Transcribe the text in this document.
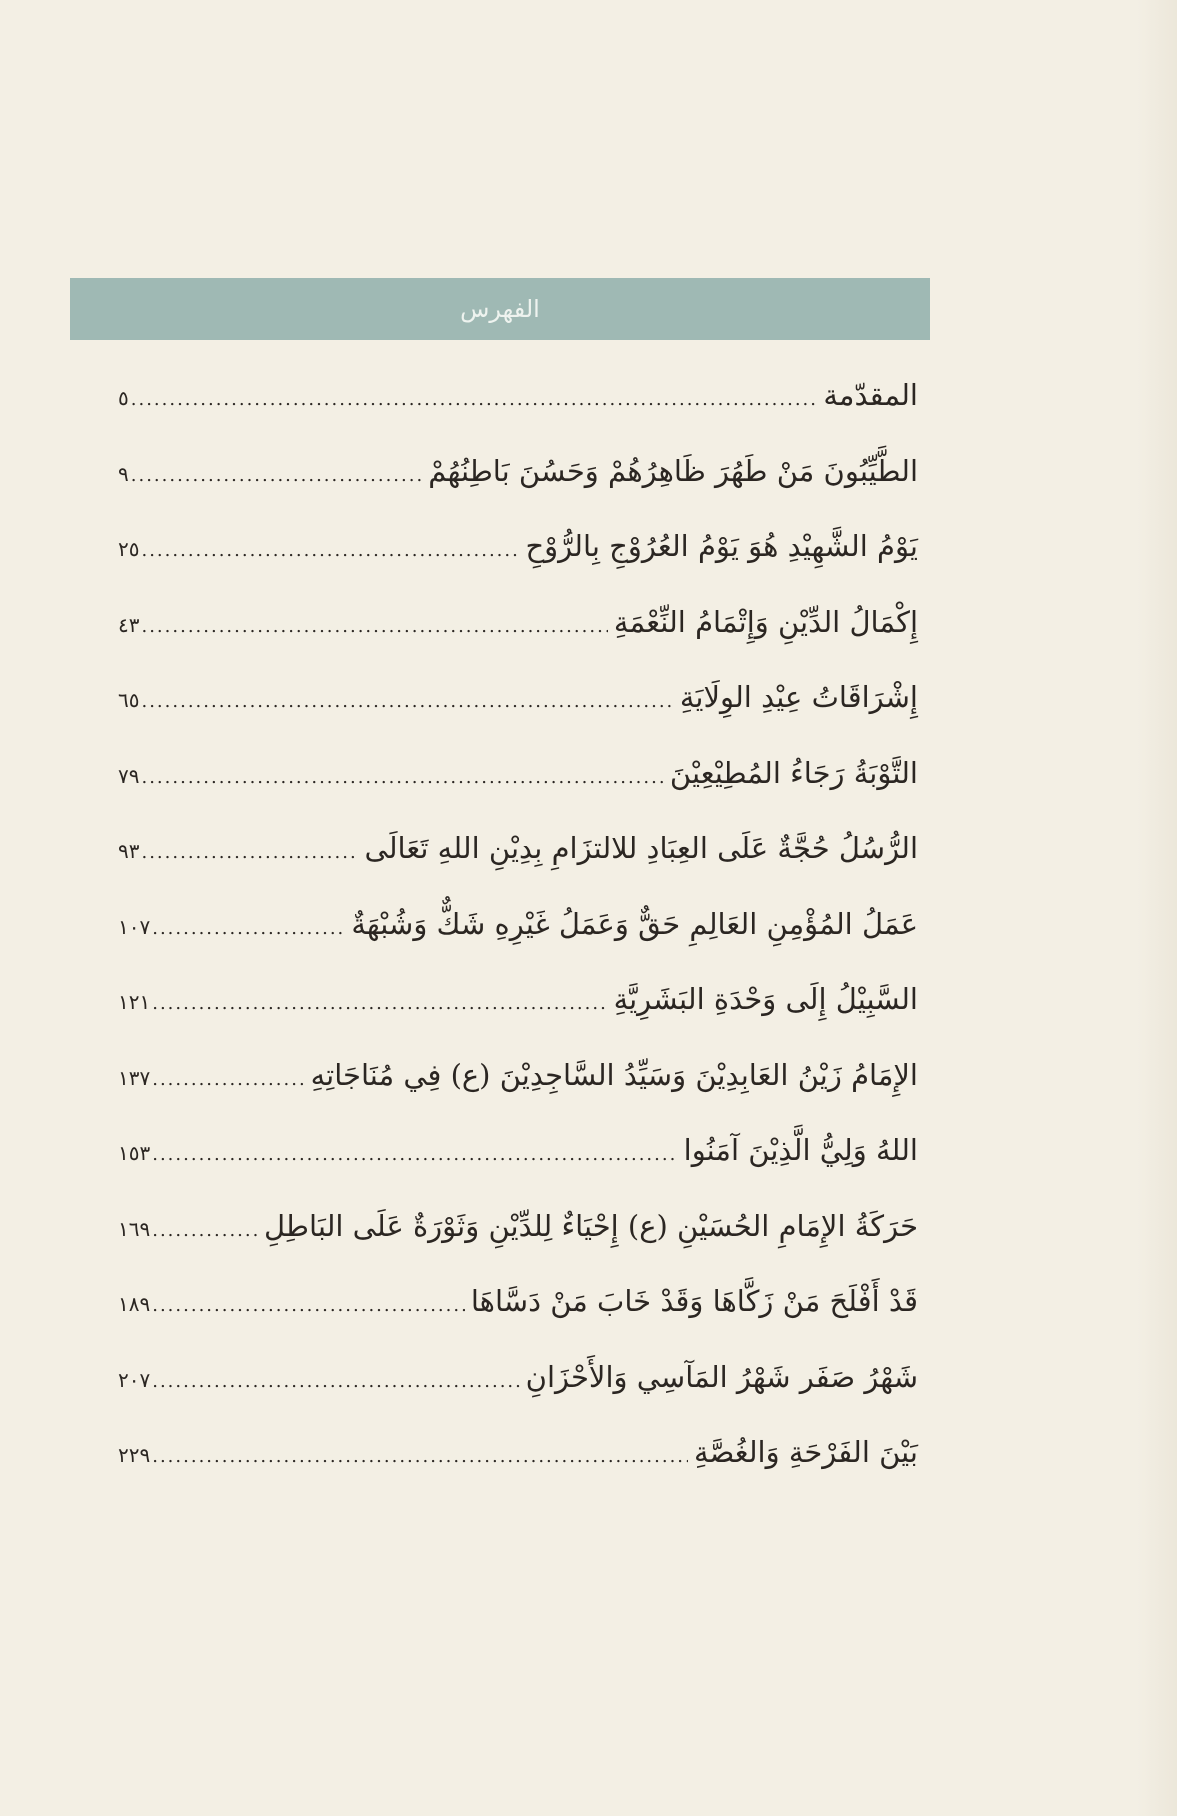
الفهرس
المقدّمة
.....
٥
الطَّيِّبُونَ مَنْ طَهُرَ ظَاهِرُهُمْ وَحَسُنَ بَاطِنُهُمْ
.....
٩
يَوْمُ الشَّهِيْدِ هُوَ يَوْمُ العُرُوْجِ بِالرُّوْحِ
.....
٢٥
إِكْمَالُ الدِّيْنِ وَإِتْمَامُ النِّعْمَةِ
.....
٤٣
إِشْرَاقَاتُ عِيْدِ الوِلَايَةِ
.....
٦٥
التَّوْبَةُ رَجَاءُ المُطِيْعِيْنَ
.....
٧٩
الرُّسُلُ حُجَّةٌ عَلَى العِبَادِ للالتزَامِ بِدِيْنِ اللهِ تَعَالَى
.....
٩٣
عَمَلُ المُؤْمِنِ العَالِمِ حَقٌّ وَعَمَلُ غَيْرِهِ شَكٌّ وَشُبْهَةٌ
.....
١٠٧
السَّبِيْلُ إِلَى وَحْدَةِ البَشَرِيَّةِ
.....
١٢١
الإِمَامُ زَيْنُ العَابِدِيْنَ وَسَيِّدُ السَّاجِدِيْنَ (ع) فِي مُنَاجَاتِهِ
.....
١٣٧
اللهُ وَلِيُّ الَّذِيْنَ آمَنُوا
.....
١٥٣
حَرَكَةُ الإِمَامِ الحُسَيْنِ (ع) إِحْيَاءٌ لِلدِّيْنِ وَثَوْرَةٌ عَلَى البَاطِلِ
.....
١٦٩
قَدْ أَفْلَحَ مَنْ زَكَّاهَا وَقَدْ خَابَ مَنْ دَسَّاهَا
.....
١٨٩
شَهْرُ صَفَر شَهْرُ المَآسِي وَالأَحْزَانِ
.....
٢٠٧
بَيْنَ الفَرْحَةِ وَالغُصَّةِ
.....
٢٢٩
